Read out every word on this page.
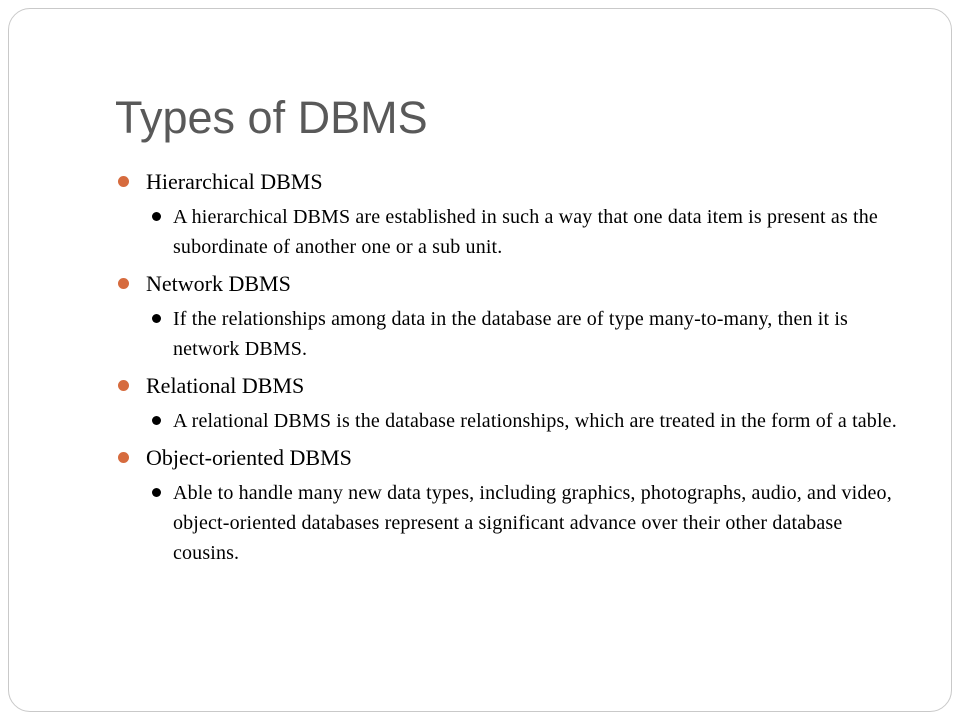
Types of DBMS
Hierarchical DBMS
A hierarchical DBMS are established in such a way that one data item is present as the subordinate of another one or a sub unit.
Network DBMS
If the relationships among data in the database are of type many-to-many, then it is network DBMS.
Relational DBMS
A relational DBMS is the database relationships, which are treated in the form of a table.
Object-oriented DBMS
Able to handle many new data types, including graphics, photographs, audio, and video, object-oriented databases represent a significant advance over their other database cousins.
